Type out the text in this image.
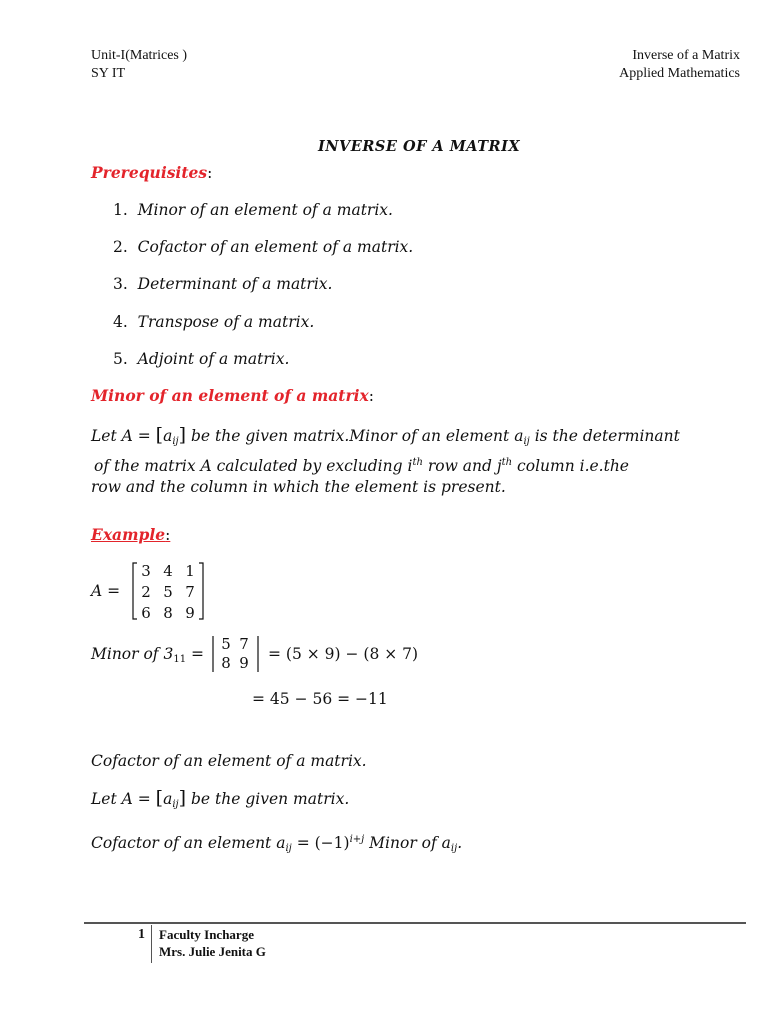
Unit-I(Matrices )
SY IT
Inverse of a Matrix
Applied Mathematics
INVERSE OF A MATRIX
Prerequisites:
1. Minor of an element of a matrix.
2. Cofactor of an element of a matrix.
3. Determinant of a matrix.
4. Transpose of a matrix.
5. Adjoint of a matrix.
Minor of an element of a matrix:
Let $A = [a_{ij}]$ be the given matrix.Minor of an element $a_{ij}$ is the determinant
of the matrix A calculated by excluding $i^{th}$ row and $j^{th}$ column i.e.the
row and the column in which the element is present.
Example:
A =
3 4 1
2 5 7
6 8 9
Minor of $3_{11}$ =
5 7
8 9 = (5 × 9) − (8 × 7)
= 45 − 56 = −11
Cofactor of an element of a matrix.
Let $A = [a_{ij}]$ be the given matrix.
Cofactor of an element $a_{ij} = (-1)^{i+j}$ Minor of $a_{ij}$.
1 Faculty Incharge
Mrs. Julie Jenita G
